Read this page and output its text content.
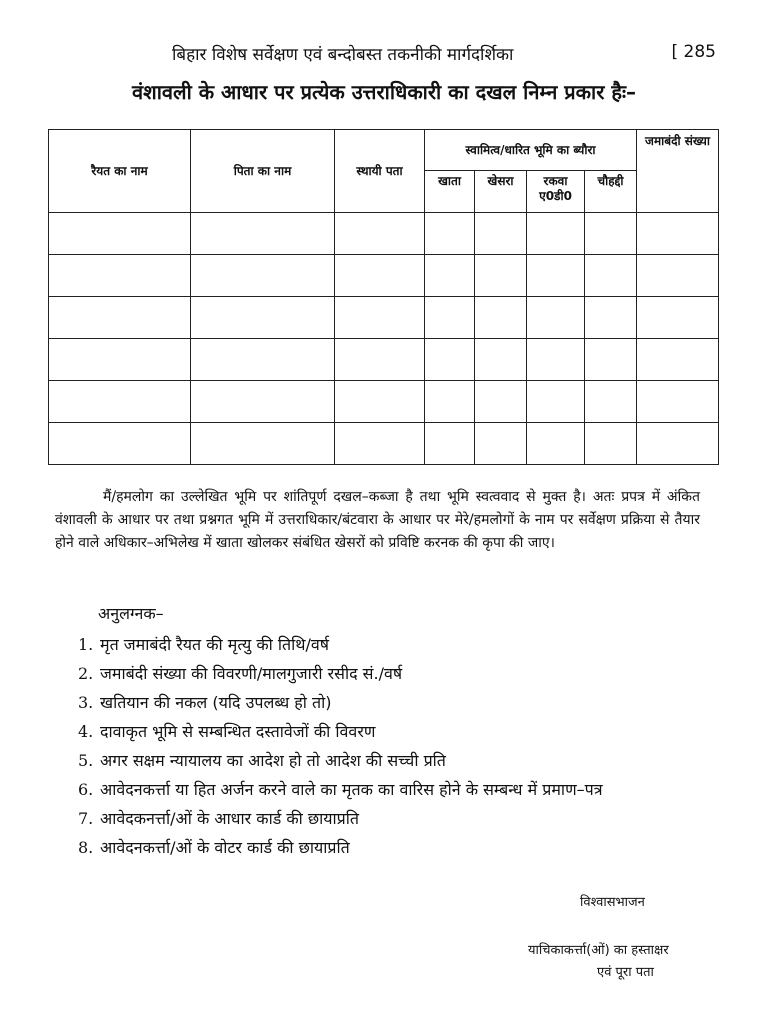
बिहार विशेष सर्वेक्षण एवं बन्दोबस्त तकनीकी मार्गदर्शिका	[ 285
वंशावली के आधार पर प्रत्येक उत्तराधिकारी का दखल निम्न प्रकार हैः–
रैयत का नाम	पिता का नाम	स्थायी पता	स्वामित्व/धारित भूमि का ब्यौरा				जमाबंदी संख्या
			खाता	खेसरा	रकवा ए0डी0	चौहद्दी	

मैं/हमलोग का उल्लेखित भूमि पर शांतिपूर्ण दखल–कब्जा है तथा भूमि स्वत्ववाद से मुक्त है। अतः प्रपत्र में अंकित वंशावली के आधार पर तथा प्रश्नगत भूमि में उत्तराधिकार/बंटवारा के आधार पर मेरे/हमलोगों के नाम पर सर्वेक्षण प्रक्रिया से तैयार होने वाले अधिकार–अभिलेख में खाता खोलकर संबंधित खेसरों को प्रविष्टि करनक की कृपा की जाए।

अनुलग्नक–
1. मृत जमाबंदी रैयत की मृत्यु की तिथि/वर्ष
2. जमाबंदी संख्या की विवरणी/मालगुजारी रसीद सं./वर्ष
3. खतियान की नकल (यदि उपलब्ध हो तो)
4. दावाकृत भूमि से सम्बन्धित दस्तावेजों की विवरण
5. अगर सक्षम न्यायालय का आदेश हो तो आदेश की सच्ची प्रति
6. आवेदनकर्त्ता या हित अर्जन करने वाले का मृतक का वारिस होने के सम्बन्ध में प्रमाण–पत्र
7. आवेदकनर्त्ता/ओं के आधार कार्ड की छायाप्रति
8. आवेदनकर्त्ता/ओं के वोटर कार्ड की छायाप्रति
विश्वासभाजन
याचिकाकर्त्ता(ओं) का हस्ताक्षर
एवं पूरा पता
